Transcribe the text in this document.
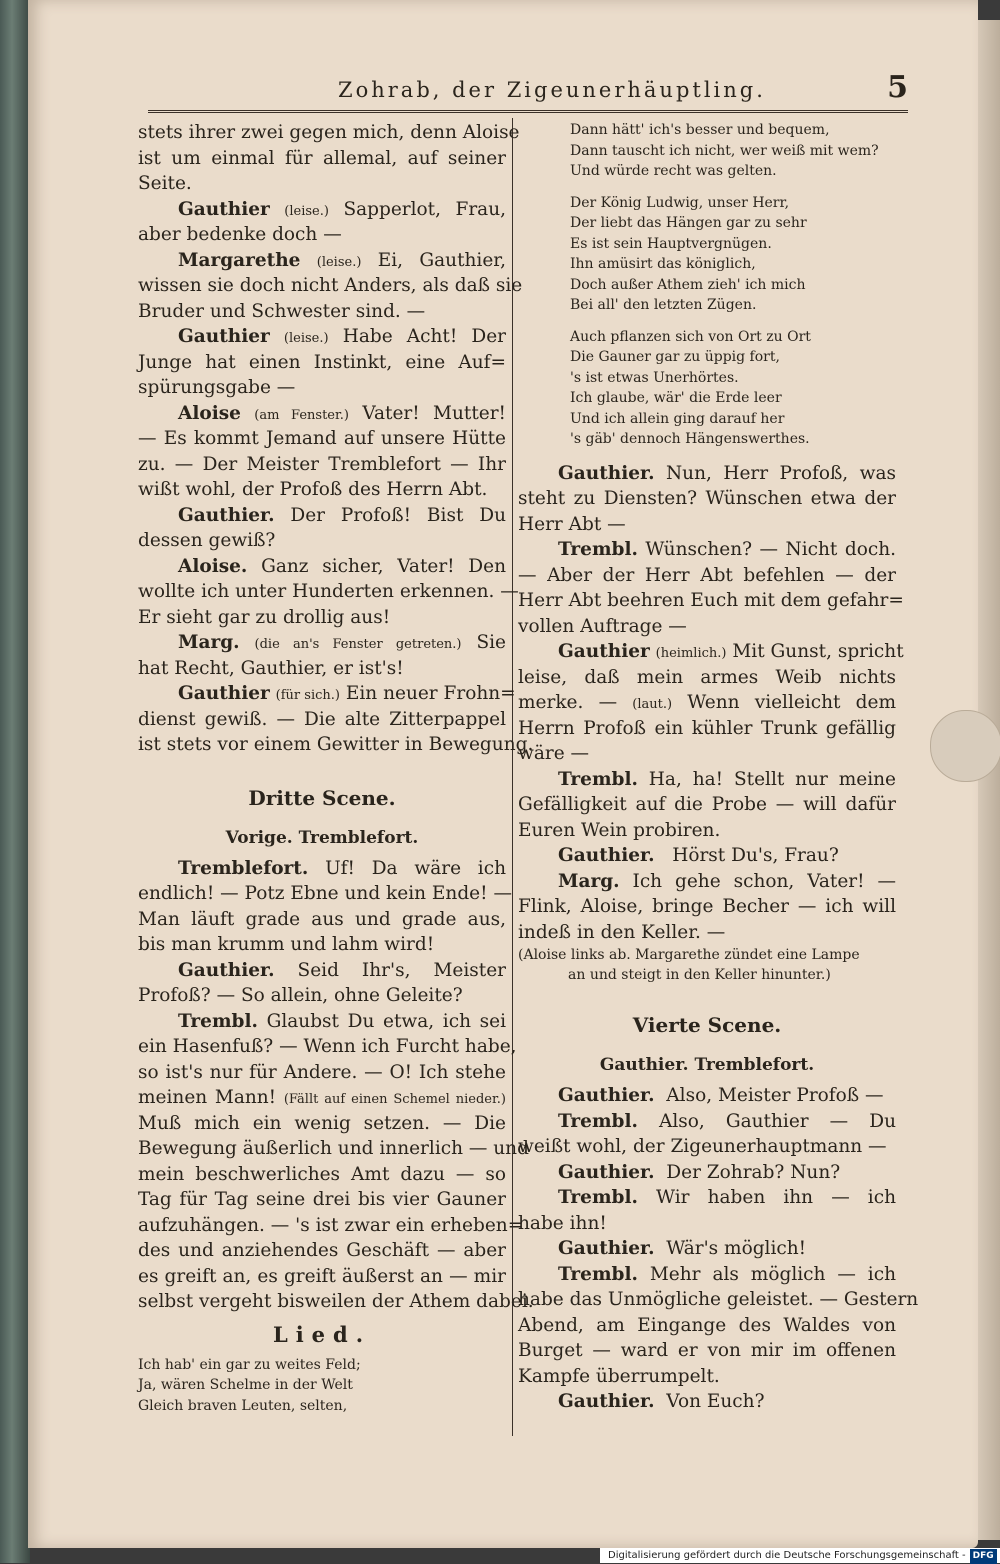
Zohrab, der Zigeunerhäuptling.	5
stets ihrer zwei gegen mich, denn Aloise
ist um einmal für allemal, auf seiner
Seite.
Gauthier (leise.) Sapperlot, Frau,
aber bedenke doch —
Margarethe (leise.) Ei, Gauthier,
wissen sie doch nicht Anders, als daß sie
Bruder und Schwester sind. —
Gauthier (leise.) Habe Acht! Der
Junge hat einen Instinkt, eine Auf=
spürungsgabe —
Aloise (am Fenster.) Vater! Mutter!
— Es kommt Jemand auf unsere Hütte
zu. — Der Meister Tremblefort — Ihr
wißt wohl, der Profoß des Herrn Abt.
Gauthier. Der Profoß! Bist Du
dessen gewiß?
Aloise. Ganz sicher, Vater! Den
wollte ich unter Hunderten erkennen. —
Er sieht gar zu drollig aus!
Marg. (die an's Fenster getreten.) Sie
hat Recht, Gauthier, er ist's!
Gauthier (für sich.) Ein neuer Frohn=
dienst gewiß. — Die alte Zitterpappel
ist stets vor einem Gewitter in Bewegung.
Dritte Scene.
Vorige. Tremblefort.
Tremblefort. Uf! Da wäre ich
endlich! — Potz Ebne und kein Ende! —
Man läuft grade aus und grade aus,
bis man krumm und lahm wird!
Gauthier. Seid Ihr's, Meister
Profoß? — So allein, ohne Geleite?
Trembl. Glaubst Du etwa, ich sei
ein Hasenfuß? — Wenn ich Furcht habe,
so ist's nur für Andere. — O! Ich stehe
meinen Mann! (Fällt auf einen Schemel nieder.)
Muß mich ein wenig setzen. — Die
Bewegung äußerlich und innerlich — und
mein beschwerliches Amt dazu — so
Tag für Tag seine drei bis vier Gauner
aufzuhängen. — 's ist zwar ein erheben=
des und anziehendes Geschäft — aber
es greift an, es greift äußerst an — mir
selbst vergeht bisweilen der Athem dabei.
Lied.
Ich hab' ein gar zu weites Feld;
Ja, wären Schelme in der Welt
Gleich braven Leuten, selten,
Dann hätt' ich's besser und bequem,
Dann tauscht ich nicht, wer weiß mit wem?
Und würde recht was gelten.
Der König Ludwig, unser Herr,
Der liebt das Hängen gar zu sehr
Es ist sein Hauptvergnügen.
Ihn amüsirt das königlich,
Doch außer Athem zieh' ich mich
Bei all' den letzten Zügen.
Auch pflanzen sich von Ort zu Ort
Die Gauner gar zu üppig fort,
's ist etwas Unerhörtes.
Ich glaube, wär' die Erde leer
Und ich allein ging darauf her
's gäb' dennoch Hängenswerthes.
Gauthier. Nun, Herr Profoß, was
steht zu Diensten? Wünschen etwa der
Herr Abt —
Trembl. Wünschen? — Nicht doch.
— Aber der Herr Abt befehlen — der
Herr Abt beehren Euch mit dem gefahr=
vollen Auftrage —
Gauthier (heimlich.) Mit Gunst, spricht
leise, daß mein armes Weib nichts
merke. — (laut.) Wenn vielleicht dem
Herrn Profoß ein kühler Trunk gefällig
wäre —
Trembl. Ha, ha! Stellt nur meine
Gefälligkeit auf die Probe — will dafür
Euren Wein probiren.
Gauthier. Hörst Du's, Frau?
Marg. Ich gehe schon, Vater! —
Flink, Aloise, bringe Becher — ich will
indeß in den Keller. —
(Aloise links ab. Margarethe zündet eine Lampe
an und steigt in den Keller hinunter.)
Vierte Scene.
Gauthier. Tremblefort.
Gauthier. Also, Meister Profoß —
Trembl. Also, Gauthier — Du
weißt wohl, der Zigeunerhauptmann —
Gauthier. Der Zohrab? Nun?
Trembl. Wir haben ihn — ich
habe ihn!
Gauthier. Wär's möglich!
Trembl. Mehr als möglich — ich
habe das Unmögliche geleistet. — Gestern
Abend, am Eingange des Waldes von
Burget — ward er von mir im offenen
Kampfe überrumpelt.
Gauthier. Von Euch?
Digitalisierung gefördert durch die Deutsche Forschungsgemeinschaft - DFG
